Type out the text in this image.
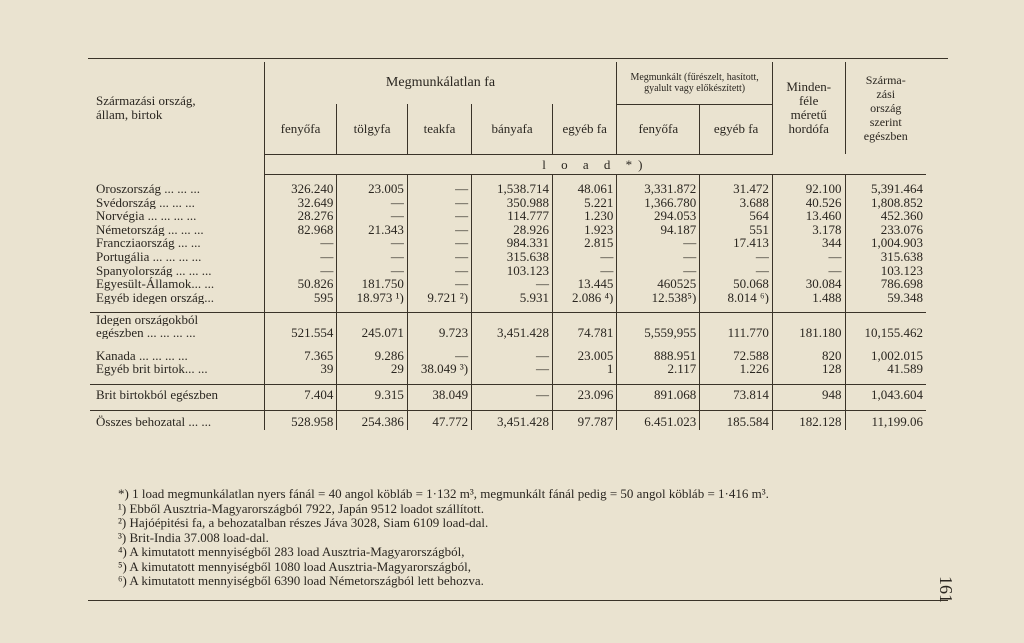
Származási ország,
állam, birtok	Megmunkálatlan fa					Megmunkált (fűrészelt, hasított, gyalult vagy előkészített)		Minden-
féle
méretű
hordófa	Szárma-
zási
ország
szerint
egészben
	fenyőfa	tölgyfa	teakfa	bányafa	egyéb fa	fenyőfa	egyéb fa		
	l o a d *)								

Oroszország ... ... ...	326.240	23.005	—	1,538.714	48.061	3,331.872	31.472	92.100	5,391.464
Svédország ... ... ...	32.649	—	—	350.988	5.221	1,366.780	3.688	40.526	1,808.852
Norvégia ... ... ... ...	28.276	—	—	114.777	1.230	294.053	564	13.460	452.360
Németország ... ... ...	82.968	21.343	—	28.926	1.923	94.187	551	3.178	233.076
Francziaország ... ...	—	—	—	984.331	2.815	—	17.413	344	1,004.903
Portugália ... ... ... ...	—	—	—	315.638	—	—	—	—	315.638
Spanyolország ... ... ...	—	—	—	103.123	—	—	—	—	103.123
Egyesült-Államok... ...	50.826	181.750	—	—	13.445	460525	50.068	30.084	786.698
Egyéb idegen ország...	595	18.973 ¹)	9.721 ²)	5.931	2.086 ⁴)	12.538⁵)	8.014 ⁶)	1.488	59.348

Idegen országokból									
egészben ... ... ... ...	521.554	245.071	9.723	3,451.428	74.781	5,559,955	111.770	181.180	10,155.462

Kanada ... ... ... ...	7.365	9.286	—	—	23.005	888.951	72.588	820	1,002.015
Egyéb brit birtok... ...	39	29	38.049 ³)	—	1	2.117	1.226	128	41.589

Brit birtokból egészben	7.404	9.315	38.049	—	23.096	891.068	73.814	948	1,043.604

Összes behozatal ... ...	528.958	254.386	47.772	3,451.428	97.787	6.451.023	185.584	182.128	11,199.06
*) 1 load megmunkálatlan nyers fánál = 40 angol köbláb = 1·132 m³, megmunkált fánál pedig = 50 angol köbláb = 1·416 m³.
¹) Ebből Ausztria-Magyarországból 7922, Japán 9512 loadot szállított.
²) Hajóépitési fa, a behozatalban részes Jáva 3028, Siam 6109 load-dal.
³) Brit-India 37.008 load-dal.
⁴) A kimutatott mennyiségből 283 load Ausztria-Magyarországból,
⁵) A kimutatott mennyiségből 1080 load Ausztria-Magyarországból,
⁶) A kimutatott mennyiségből 6390 load Németországból lett behozva.	161
